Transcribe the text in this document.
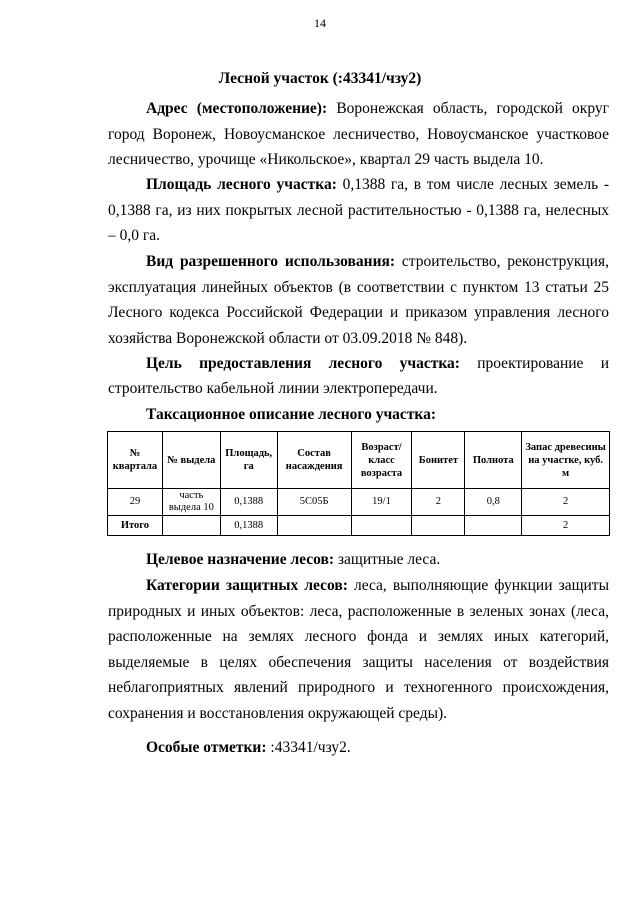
14
Лесной участок (:43341/чзу2)

Адрес (местоположение): Воронежская область, городской округ город Воронеж, Новоусманское лесничество, Новоусманское участковое лесничество, урочище «Никольское», квартал 29 часть выдела 10.

Площадь лесного участка: 0,1388 га, в том числе лесных земель - 0,1388 га, из них покрытых лесной растительностью - 0,1388 га, нелесных – 0,0 га.

Вид разрешенного использования: строительство, реконструкция, эксплуатация линейных объектов (в соответствии с пунктом 13 статьи 25 Лесного кодекса Российской Федерации и приказом управления лесного хозяйства Воронежской области от 03.09.2018 № 848).

Цель предоставления лесного участка: проектирование и

строительство кабельной линии электропередачи.

Таксационное описание лесного участка:

№ квартала	№ выдела	Площадь, га	Состав насаждения	Возраст/ класс возраста	Бонитет	Полнота	Запас древесины на участке, куб. м
29	часть выдела 10	0,1388	5С05Б	19/1	2	0,8	2
Итого		0,1388					2

Целевое назначение лесов: защитные леса.

Категории защитных лесов: леса, выполняющие функции защиты природных и иных объектов: леса, расположенные в зеленых зонах (леса, расположенные на землях лесного фонда и землях иных категорий, выделяемые в целях обеспечения защиты населения от воздействия неблагоприятных явлений природного и техногенного происхождения, сохранения и восстановления окружающей среды).

Особые отметки: :43341/чзу2.
